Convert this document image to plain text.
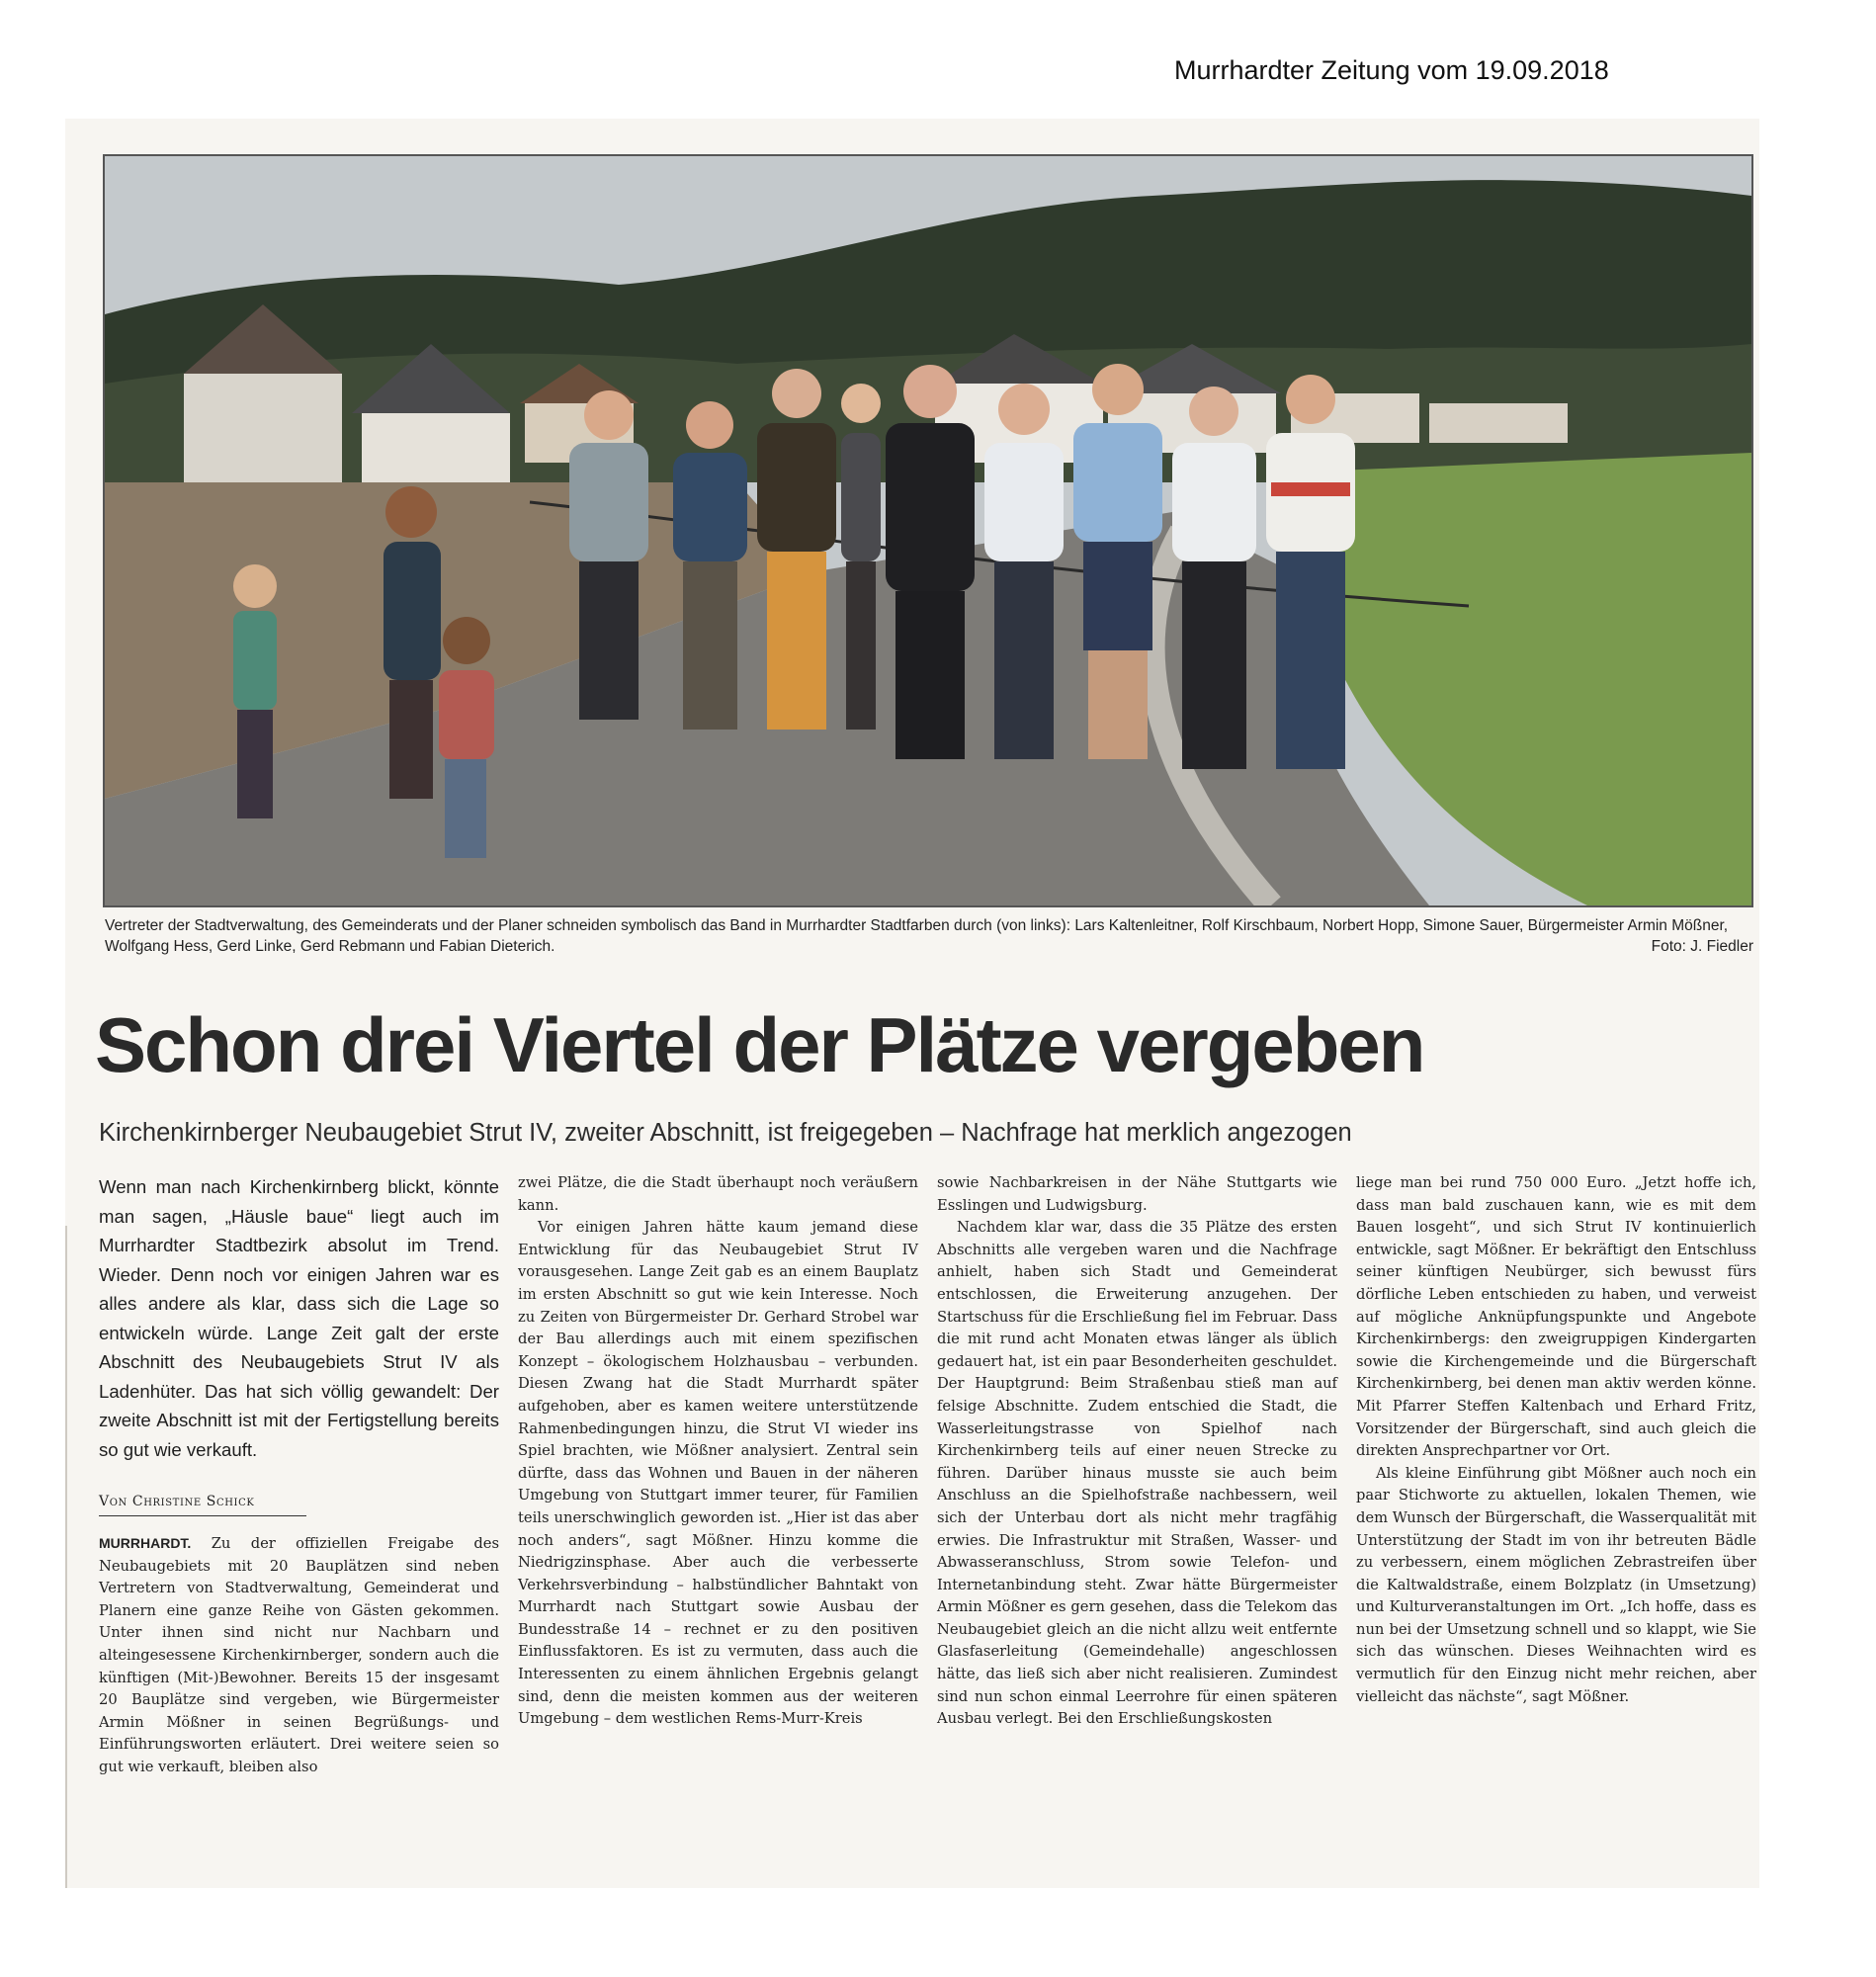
Murrhardter Zeitung vom 19.09.2018
Vertreter der Stadtverwaltung, des Gemeinderats und der Planer schneiden symbolisch das Band in Murrhardter Stadtfarben durch (von links): Lars Kaltenleitner, Rolf Kirschbaum, Norbert Hopp, Simone Sauer, Bürgermeister Armin Mößner, Wolfgang Hess, Gerd Linke, Gerd Rebmann und Fabian Dieterich.	Foto: J. Fiedler
Schon drei Viertel der Plätze vergeben
Kirchenkirnberger Neubaugebiet Strut IV, zweiter Abschnitt, ist freigegeben – Nachfrage hat merklich angezogen

Wenn man nach Kirchenkirnberg blickt, könnte man sagen, „Häusle baue“ liegt auch im Murrhardter Stadtbezirk absolut im Trend. Wieder. Denn noch vor einigen Jahren war es alles andere als klar, dass sich die Lage so entwickeln würde. Lange Zeit galt der erste Abschnitt des Neubaugebiets Strut IV als Ladenhüter. Das hat sich völlig gewandelt: Der zweite Abschnitt ist mit der Fertigstellung bereits so gut wie verkauft.

Von Christine Schick

MURRHARDT. Zu der offiziellen Freigabe des Neubaugebiets mit 20 Bauplätzen sind neben Vertretern von Stadtverwaltung, Gemeinderat und Planern eine ganze Reihe von Gästen gekommen. Unter ihnen sind nicht nur Nachbarn und alteingesessene Kirchenkirnberger, sondern auch die künftigen (Mit-)Bewohner. Bereits 15 der insgesamt 20 Bauplätze sind vergeben, wie Bürgermeister Armin Mößner in seinen Begrüßungs- und Einführungsworten erläutert. Drei weitere seien so gut wie verkauft, bleiben also

zwei Plätze, die die Stadt überhaupt noch veräußern kann.

Vor einigen Jahren hätte kaum jemand diese Entwicklung für das Neubaugebiet Strut IV vorausgesehen. Lange Zeit gab es an einem Bauplatz im ersten Abschnitt so gut wie kein Interesse. Noch zu Zeiten von Bürgermeister Dr. Gerhard Strobel war der Bau allerdings auch mit einem spezifischen Konzept – ökologischem Holzhausbau – verbunden. Diesen Zwang hat die Stadt Murrhardt später aufgehoben, aber es kamen weitere unterstützende Rahmenbedingungen hinzu, die Strut VI wieder ins Spiel brachten, wie Mößner analysiert. Zentral sein dürfte, dass das Wohnen und Bauen in der näheren Umgebung von Stuttgart immer teurer, für Familien teils unerschwinglich geworden ist. „Hier ist das aber noch anders“, sagt Mößner. Hinzu komme die Niedrigzinsphase. Aber auch die verbesserte Verkehrsverbindung – halbstündlicher Bahntakt von Murrhardt nach Stuttgart sowie Ausbau der Bundesstraße 14 – rechnet er zu den positiven Einflussfaktoren. Es ist zu vermuten, dass auch die Interessenten zu einem ähnlichen Ergebnis gelangt sind, denn die meisten kommen aus der weiteren Umgebung – dem westlichen Rems-Murr-Kreis

sowie Nachbarkreisen in der Nähe Stuttgarts wie Esslingen und Ludwigsburg.

Nachdem klar war, dass die 35 Plätze des ersten Abschnitts alle vergeben waren und die Nachfrage anhielt, haben sich Stadt und Gemeinderat entschlossen, die Erweiterung anzugehen. Der Startschuss für die Erschließung fiel im Februar. Dass die mit rund acht Monaten etwas länger als üblich gedauert hat, ist ein paar Besonderheiten geschuldet. Der Hauptgrund: Beim Straßenbau stieß man auf felsige Abschnitte. Zudem entschied die Stadt, die Wasserleitungstrasse von Spielhof nach Kirchenkirnberg teils auf einer neuen Strecke zu führen. Darüber hinaus musste sie auch beim Anschluss an die Spielhofstraße nachbessern, weil sich der Unterbau dort als nicht mehr tragfähig erwies. Die Infrastruktur mit Straßen, Wasser- und Abwasseranschluss, Strom sowie Telefon- und Internetanbindung steht. Zwar hätte Bürgermeister Armin Mößner es gern gesehen, dass die Telekom das Neubaugebiet gleich an die nicht allzu weit entfernte Glasfaserleitung (Gemeindehalle) angeschlossen hätte, das ließ sich aber nicht realisieren. Zumindest sind nun schon einmal Leerrohre für einen späteren Ausbau verlegt. Bei den Erschließungskosten

liege man bei rund 750 000 Euro. „Jetzt hoffe ich, dass man bald zuschauen kann, wie es mit dem Bauen losgeht“, und sich Strut IV kontinuierlich entwickle, sagt Mößner. Er bekräftigt den Entschluss seiner künftigen Neubürger, sich bewusst fürs dörfliche Leben entschieden zu haben, und verweist auf mögliche Anknüpfungspunkte und Angebote Kirchenkirnbergs: den zweigruppigen Kindergarten sowie die Kirchengemeinde und die Bürgerschaft Kirchenkirnberg, bei denen man aktiv werden könne. Mit Pfarrer Steffen Kaltenbach und Erhard Fritz, Vorsitzender der Bürgerschaft, sind auch gleich die direkten Ansprechpartner vor Ort.

Als kleine Einführung gibt Mößner auch noch ein paar Stichworte zu aktuellen, lokalen Themen, wie dem Wunsch der Bürgerschaft, die Wasserqualität mit Unterstützung der Stadt im von ihr betreuten Bädle zu verbessern, einem möglichen Zebrastreifen über die Kaltwaldstraße, einem Bolzplatz (in Umsetzung) und Kulturveranstaltungen im Ort. „Ich hoffe, dass es nun bei der Umsetzung schnell und so klappt, wie Sie sich das wünschen. Dieses Weihnachten wird es vermutlich für den Einzug nicht mehr reichen, aber vielleicht das nächste“, sagt Mößner.
